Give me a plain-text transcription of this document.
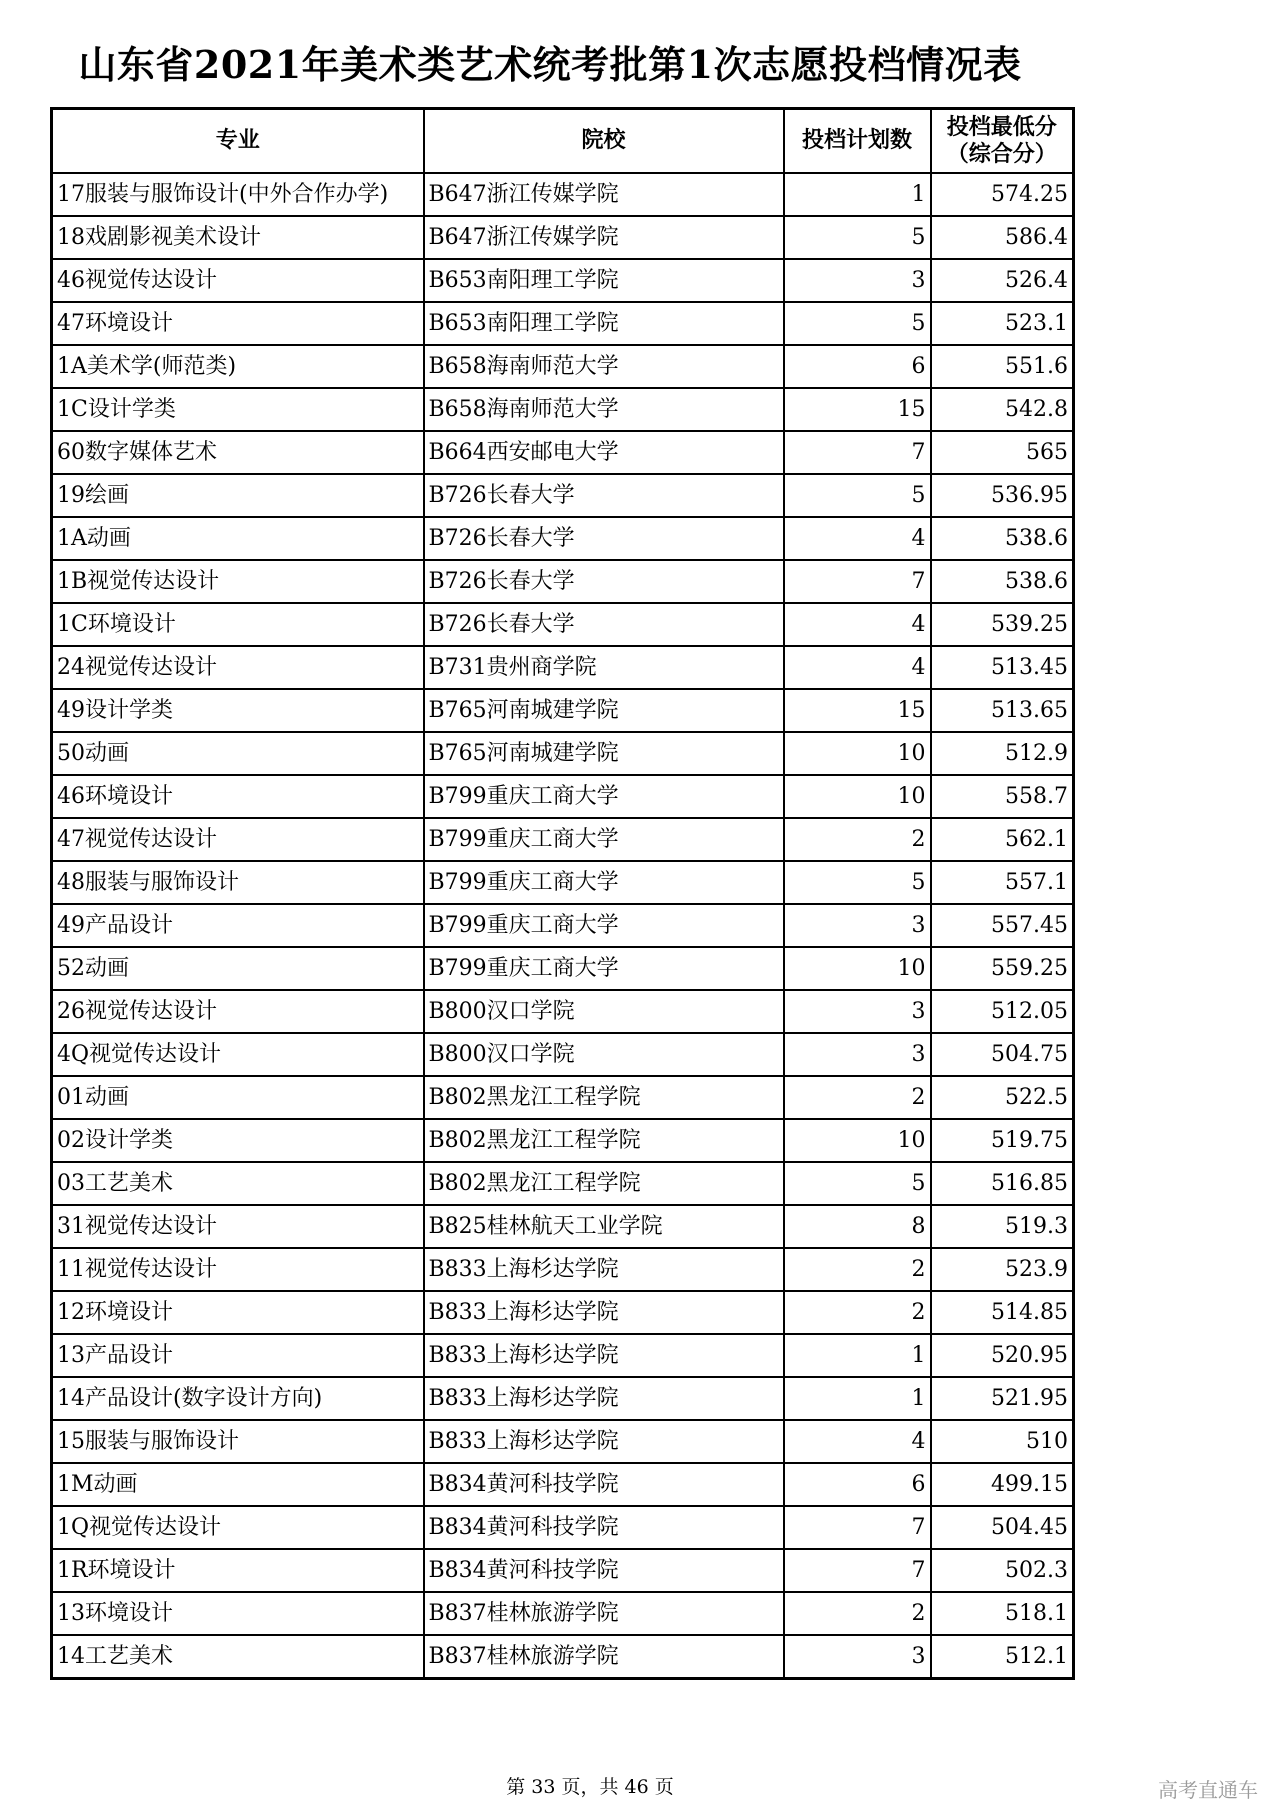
山东省2021年美术类艺术统考批第1次志愿投档情况表
专业	院校	投档计划数	投档最低分
（综合分）

17服装与服饰设计(中外合作办学)	B647浙江传媒学院	1	574.25
18戏剧影视美术设计	B647浙江传媒学院	5	586.4
46视觉传达设计	B653南阳理工学院	3	526.4
47环境设计	B653南阳理工学院	5	523.1
1A美术学(师范类)	B658海南师范大学	6	551.6
1C设计学类	B658海南师范大学	15	542.8
60数字媒体艺术	B664西安邮电大学	7	565
19绘画	B726长春大学	5	536.95
1A动画	B726长春大学	4	538.6
1B视觉传达设计	B726长春大学	7	538.6
1C环境设计	B726长春大学	4	539.25
24视觉传达设计	B731贵州商学院	4	513.45
49设计学类	B765河南城建学院	15	513.65
50动画	B765河南城建学院	10	512.9
46环境设计	B799重庆工商大学	10	558.7
47视觉传达设计	B799重庆工商大学	2	562.1
48服装与服饰设计	B799重庆工商大学	5	557.1
49产品设计	B799重庆工商大学	3	557.45
52动画	B799重庆工商大学	10	559.25
26视觉传达设计	B800汉口学院	3	512.05
4Q视觉传达设计	B800汉口学院	3	504.75
01动画	B802黑龙江工程学院	2	522.5
02设计学类	B802黑龙江工程学院	10	519.75
03工艺美术	B802黑龙江工程学院	5	516.85
31视觉传达设计	B825桂林航天工业学院	8	519.3
11视觉传达设计	B833上海杉达学院	2	523.9
12环境设计	B833上海杉达学院	2	514.85
13产品设计	B833上海杉达学院	1	520.95
14产品设计(数字设计方向)	B833上海杉达学院	1	521.95
15服装与服饰设计	B833上海杉达学院	4	510
1M动画	B834黄河科技学院	6	499.15
1Q视觉传达设计	B834黄河科技学院	7	504.45
1R环境设计	B834黄河科技学院	7	502.3
13环境设计	B837桂林旅游学院	2	518.1
14工艺美术	B837桂林旅游学院	3	512.1
第 33 页，共 46 页	高考直通车
